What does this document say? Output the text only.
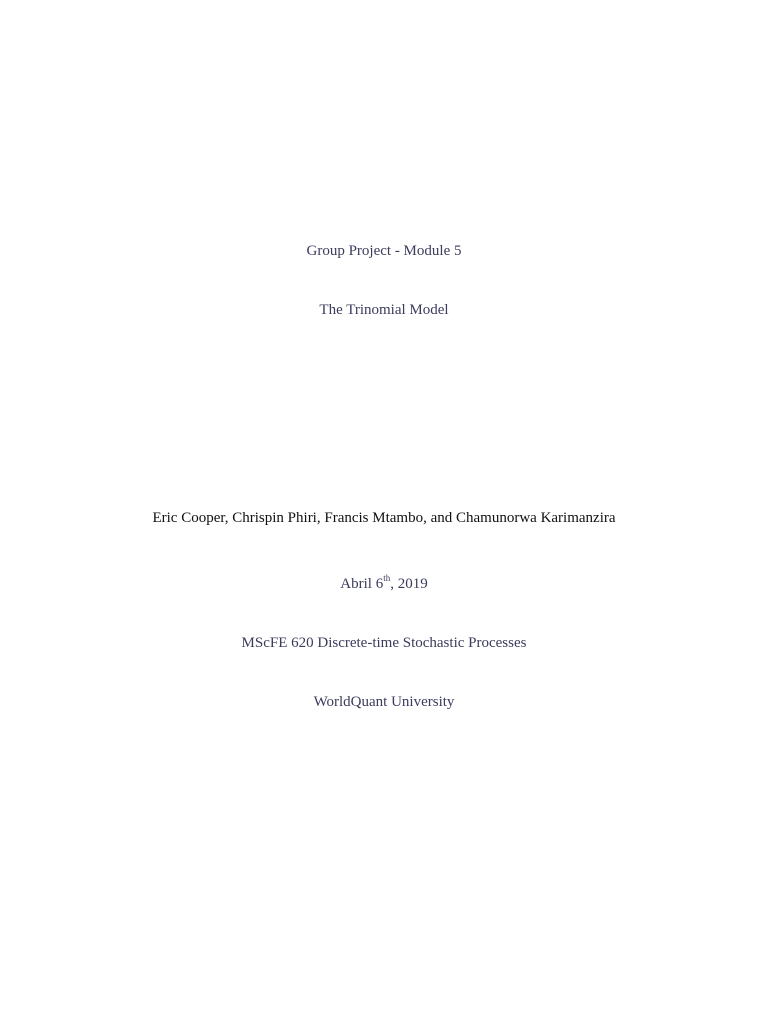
Group Project - Module 5
The Trinomial Model
Eric Cooper, Chrispin Phiri, Francis Mtambo, and Chamunorwa Karimanzira
Abril 6th, 2019
MScFE 620 Discrete-time Stochastic Processes
WorldQuant University
